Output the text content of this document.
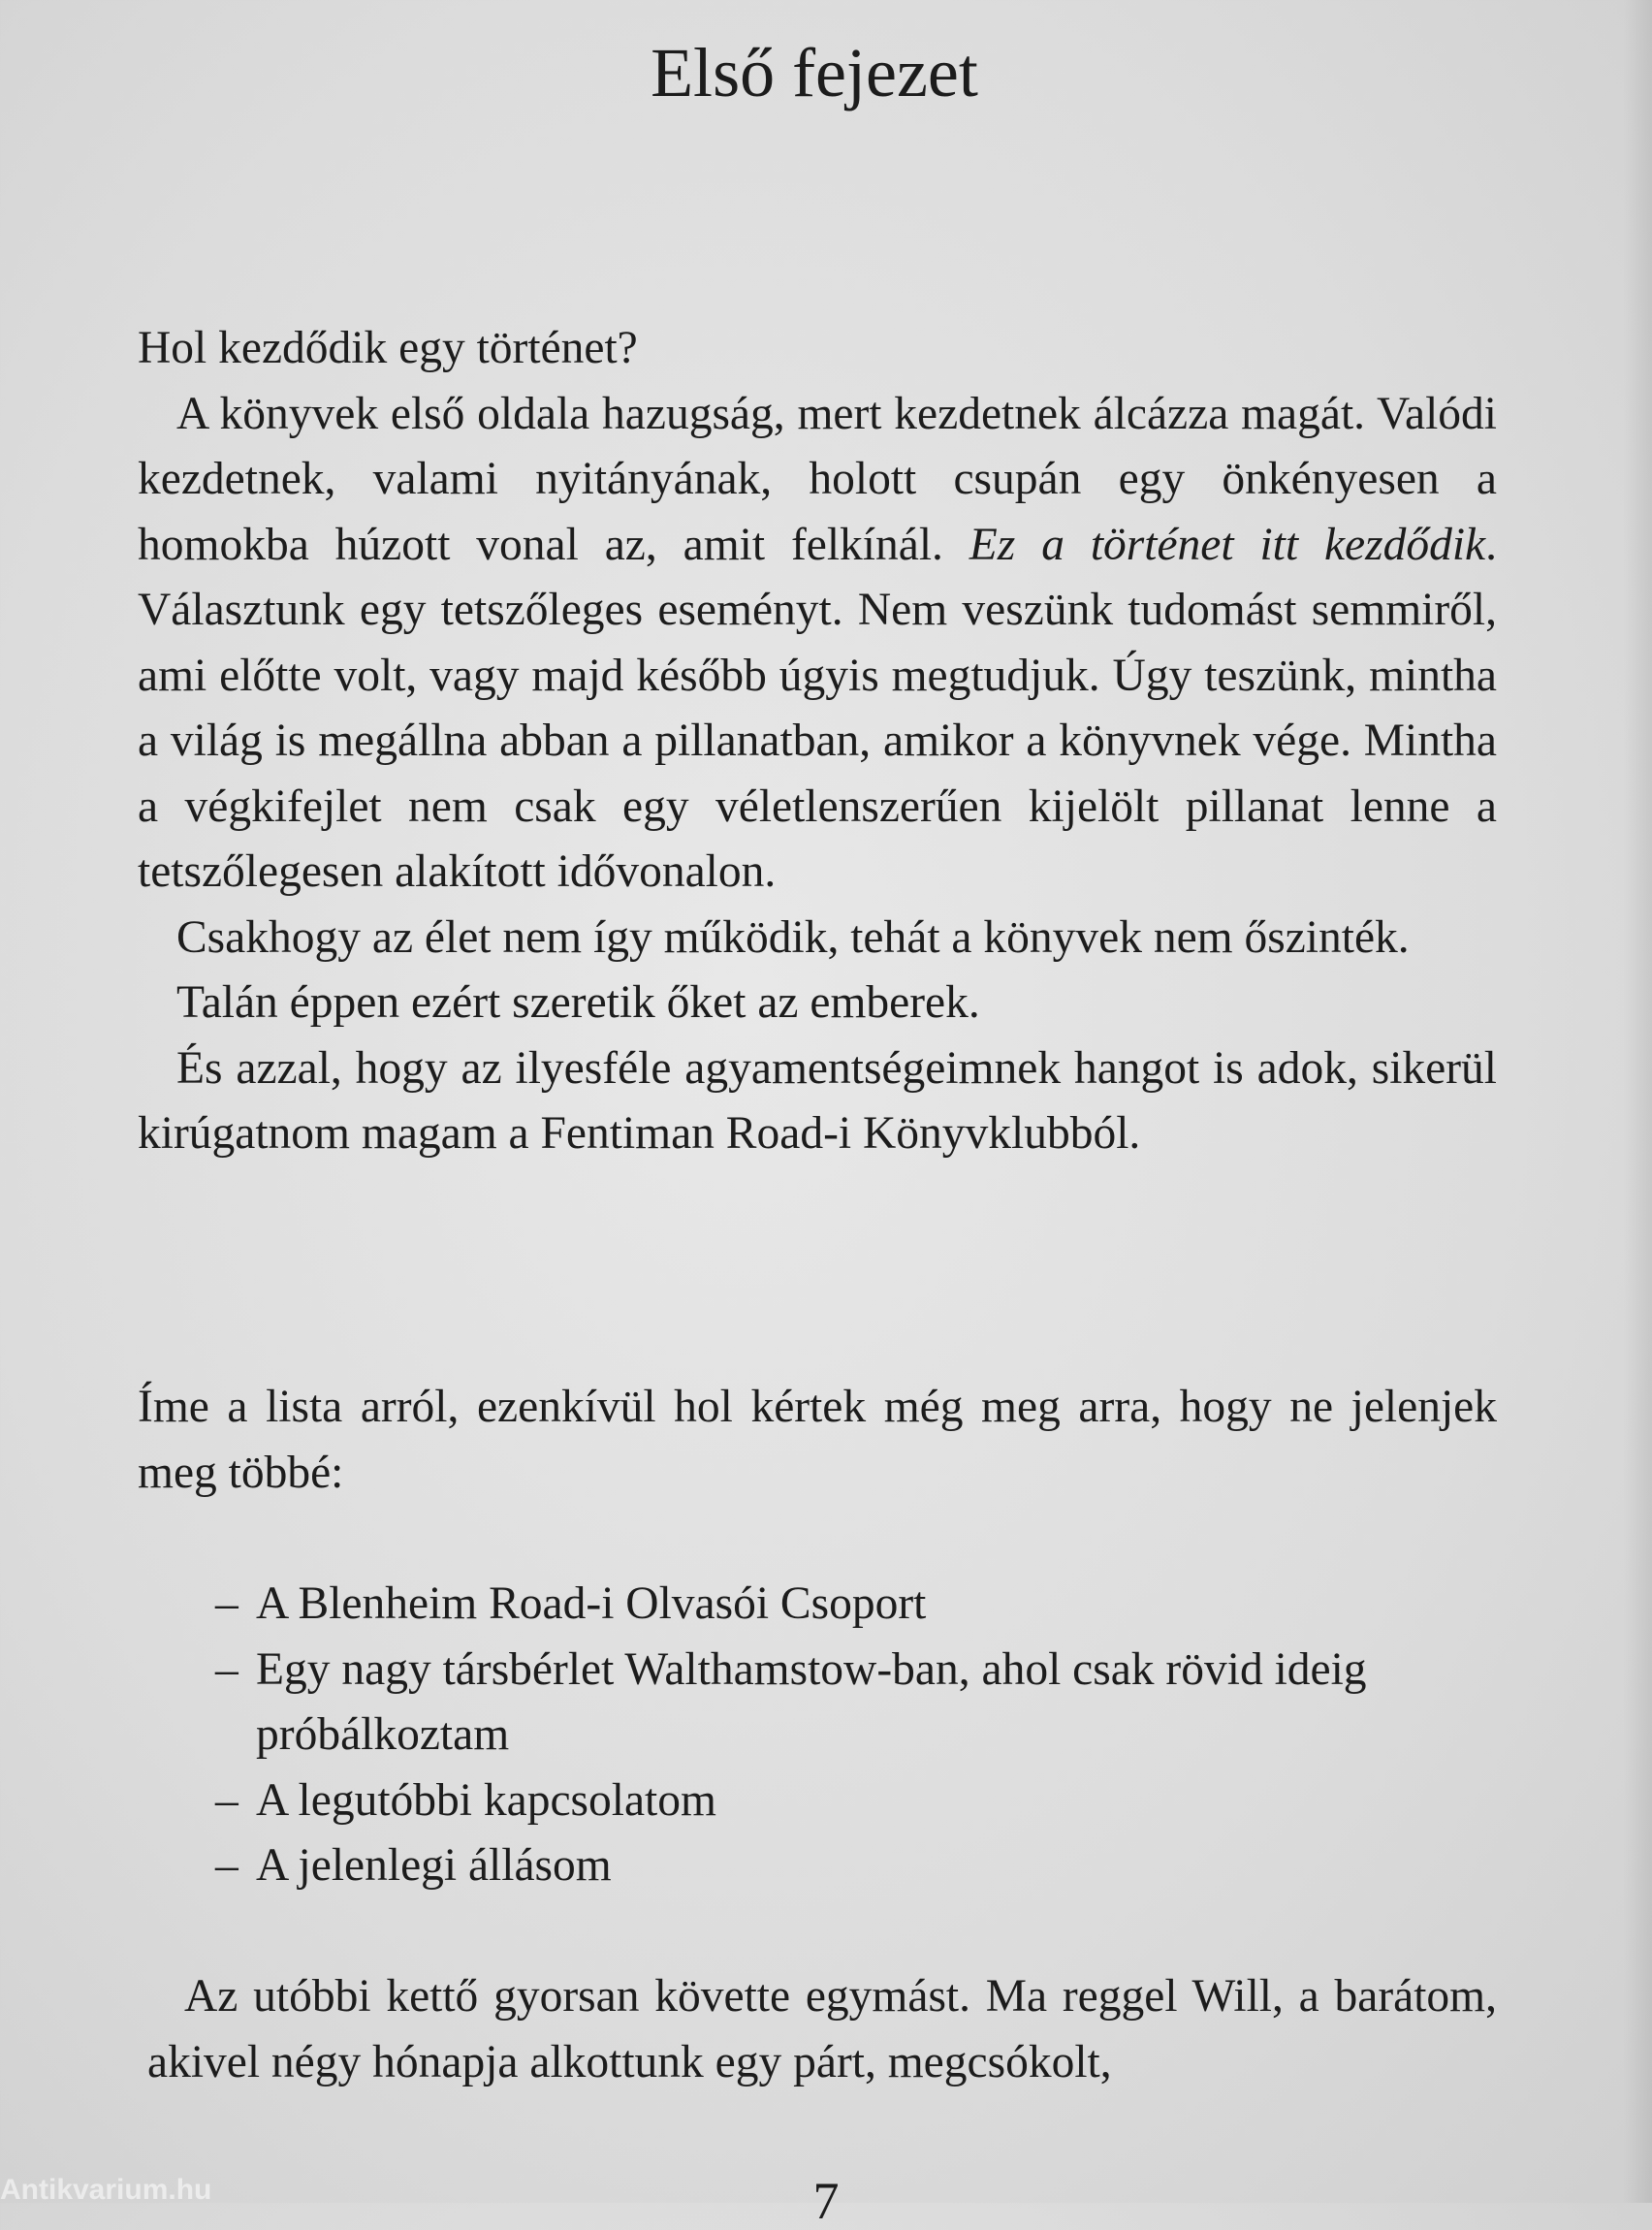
Első fejezet

Hol kezdődik egy történet?

A könyvek első oldala hazugság, mert kezdetnek álcázza magát. Valódi kezdetnek, valami nyitányának, holott csupán egy önkényesen a homokba húzott vonal az, amit felkínál. Ez a történet itt kezdődik. Választunk egy tetszőleges eseményt. Nem veszünk tudomást semmiről, ami előtte volt, vagy majd később úgyis megtudjuk. Úgy teszünk, mintha a világ is megállna abban a pillanatban, amikor a könyvnek vége. Mintha a végkifejlet nem csak egy véletlenszerűen kijelölt pillanat lenne a tetszőlegesen alakított idővonalon.

Csakhogy az élet nem így működik, tehát a könyvek nem őszinték.

Talán éppen ezért szeretik őket az emberek.

És azzal, hogy az ilyesféle agyamentségeimnek hangot is adok, sikerül kirúgatnom magam a Fentiman Road-i Könyvklubból.

Íme a lista arról, ezenkívül hol kértek még meg arra, hogy ne jelenjek meg többé:

– A Blenheim Road-i Olvasói Csoport
– Egy nagy társbérlet Walthamstow-ban, ahol csak rövid ideig próbálkoztam
– A legutóbbi kapcsolatom
– A jelenlegi állásom

Az utóbbi kettő gyorsan követte egymást. Ma reggel Will, a barátom, akivel négy hónapja alkottunk egy párt, megcsókolt,

7
Antikvarium.hu
